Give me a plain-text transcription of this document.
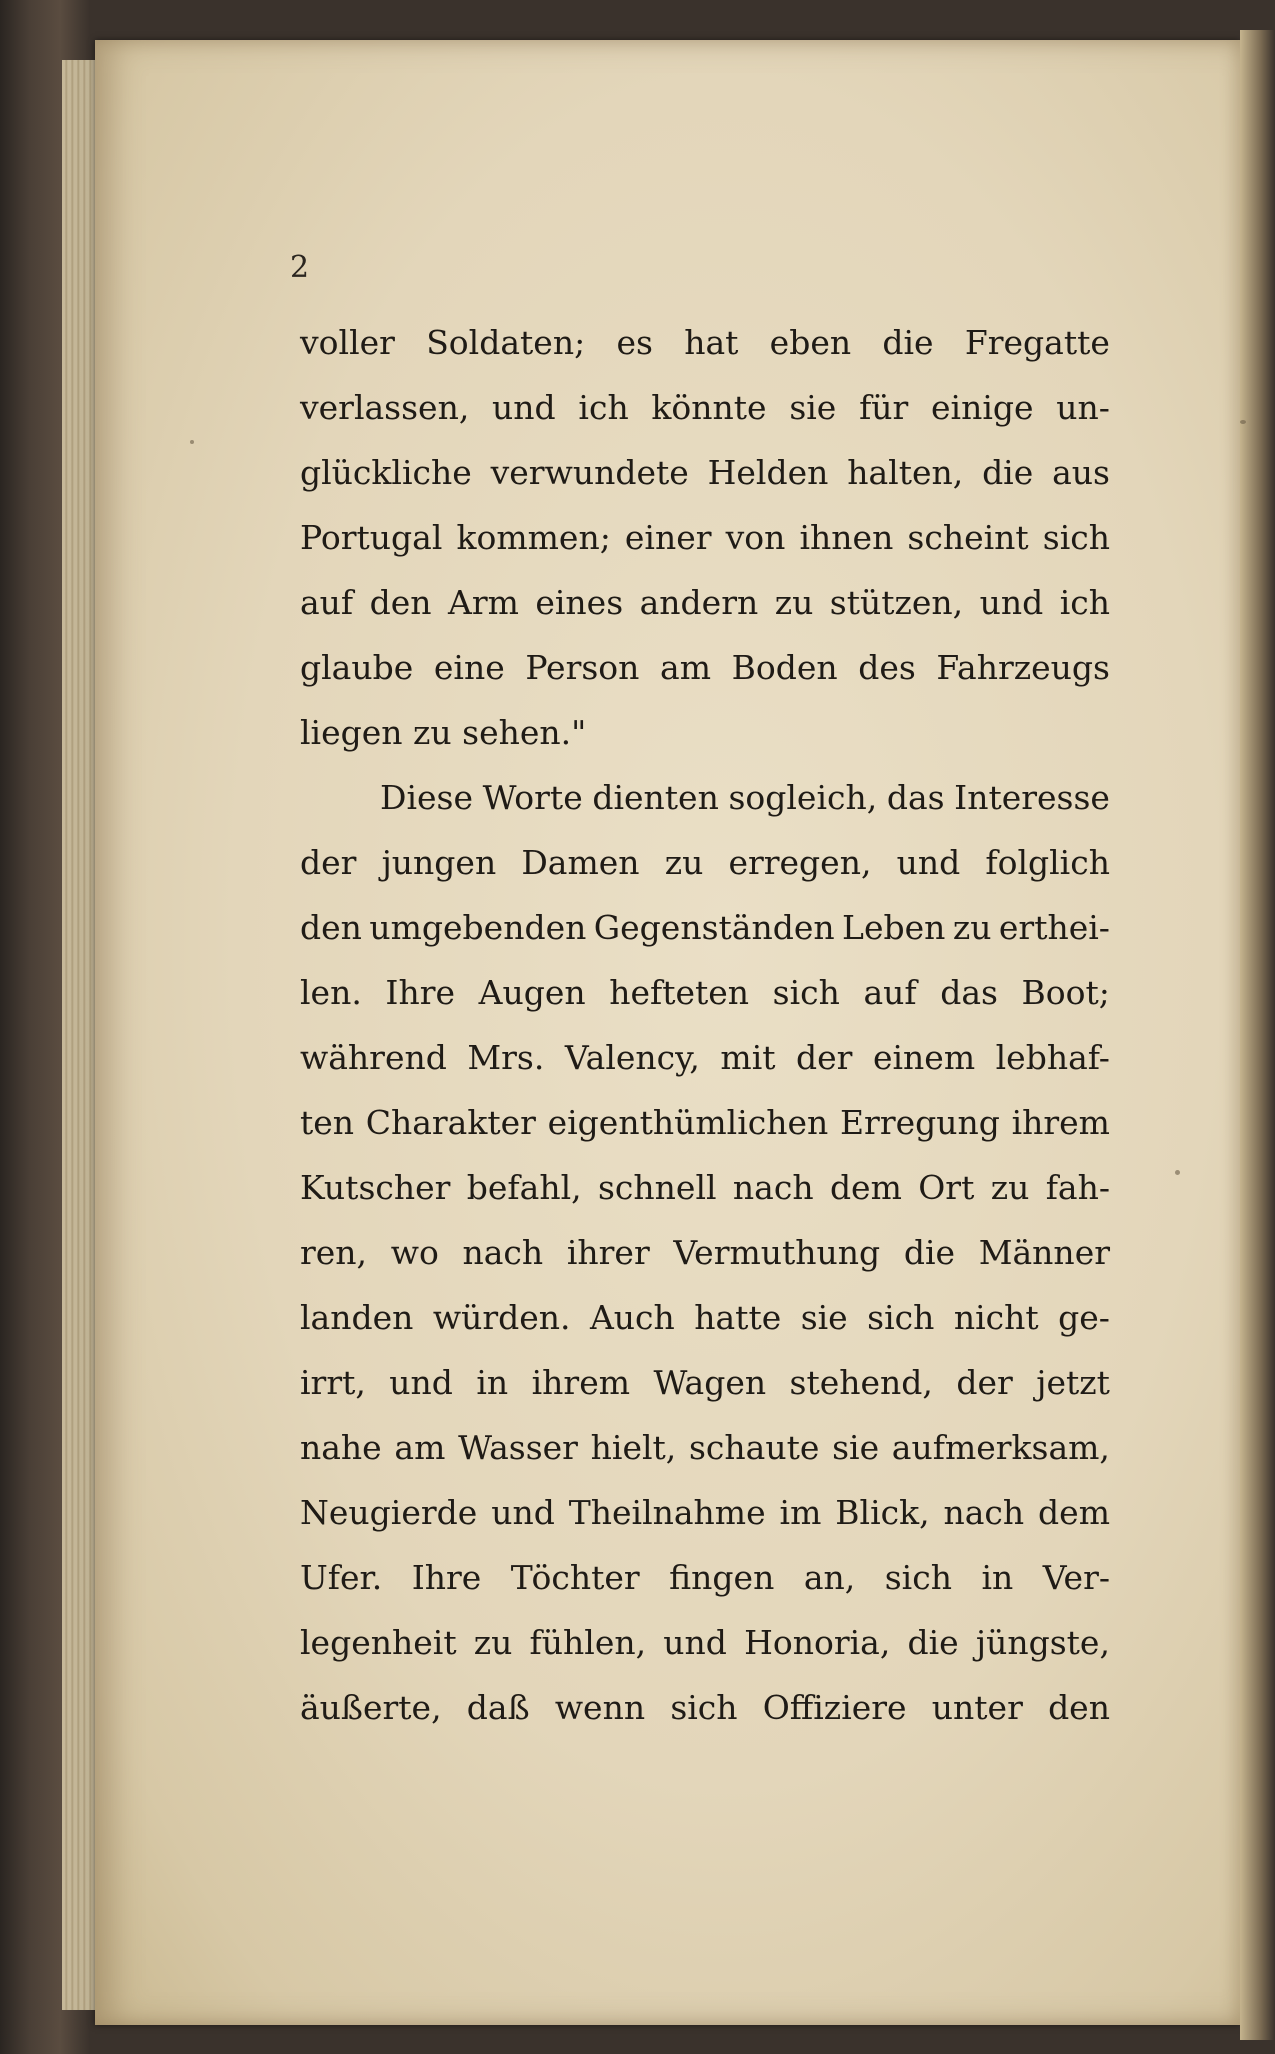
2
voller Soldaten; es hat eben die Fregatte
verlassen, und ich könnte sie für einige un-
glückliche verwundete Helden halten, die aus
Portugal kommen; einer von ihnen scheint sich
auf den Arm eines andern zu stützen, und ich
glaube eine Person am Boden des Fahrzeugs
liegen zu sehen."
Diese Worte dienten sogleich, das Interesse
der jungen Damen zu erregen, und folglich
den umgebenden Gegenständen Leben zu erthei-
len. Ihre Augen hefteten sich auf das Boot;
während Mrs. Valency, mit der einem lebhaf-
ten Charakter eigenthümlichen Erregung ihrem
Kutscher befahl, schnell nach dem Ort zu fah-
ren, wo nach ihrer Vermuthung die Männer
landen würden. Auch hatte sie sich nicht ge-
irrt, und in ihrem Wagen stehend, der jetzt
nahe am Wasser hielt, schaute sie aufmerksam,
Neugierde und Theilnahme im Blick, nach dem
Ufer. Ihre Töchter fingen an, sich in Ver-
legenheit zu fühlen, und Honoria, die jüngste,
äußerte, daß wenn sich Offiziere unter den
